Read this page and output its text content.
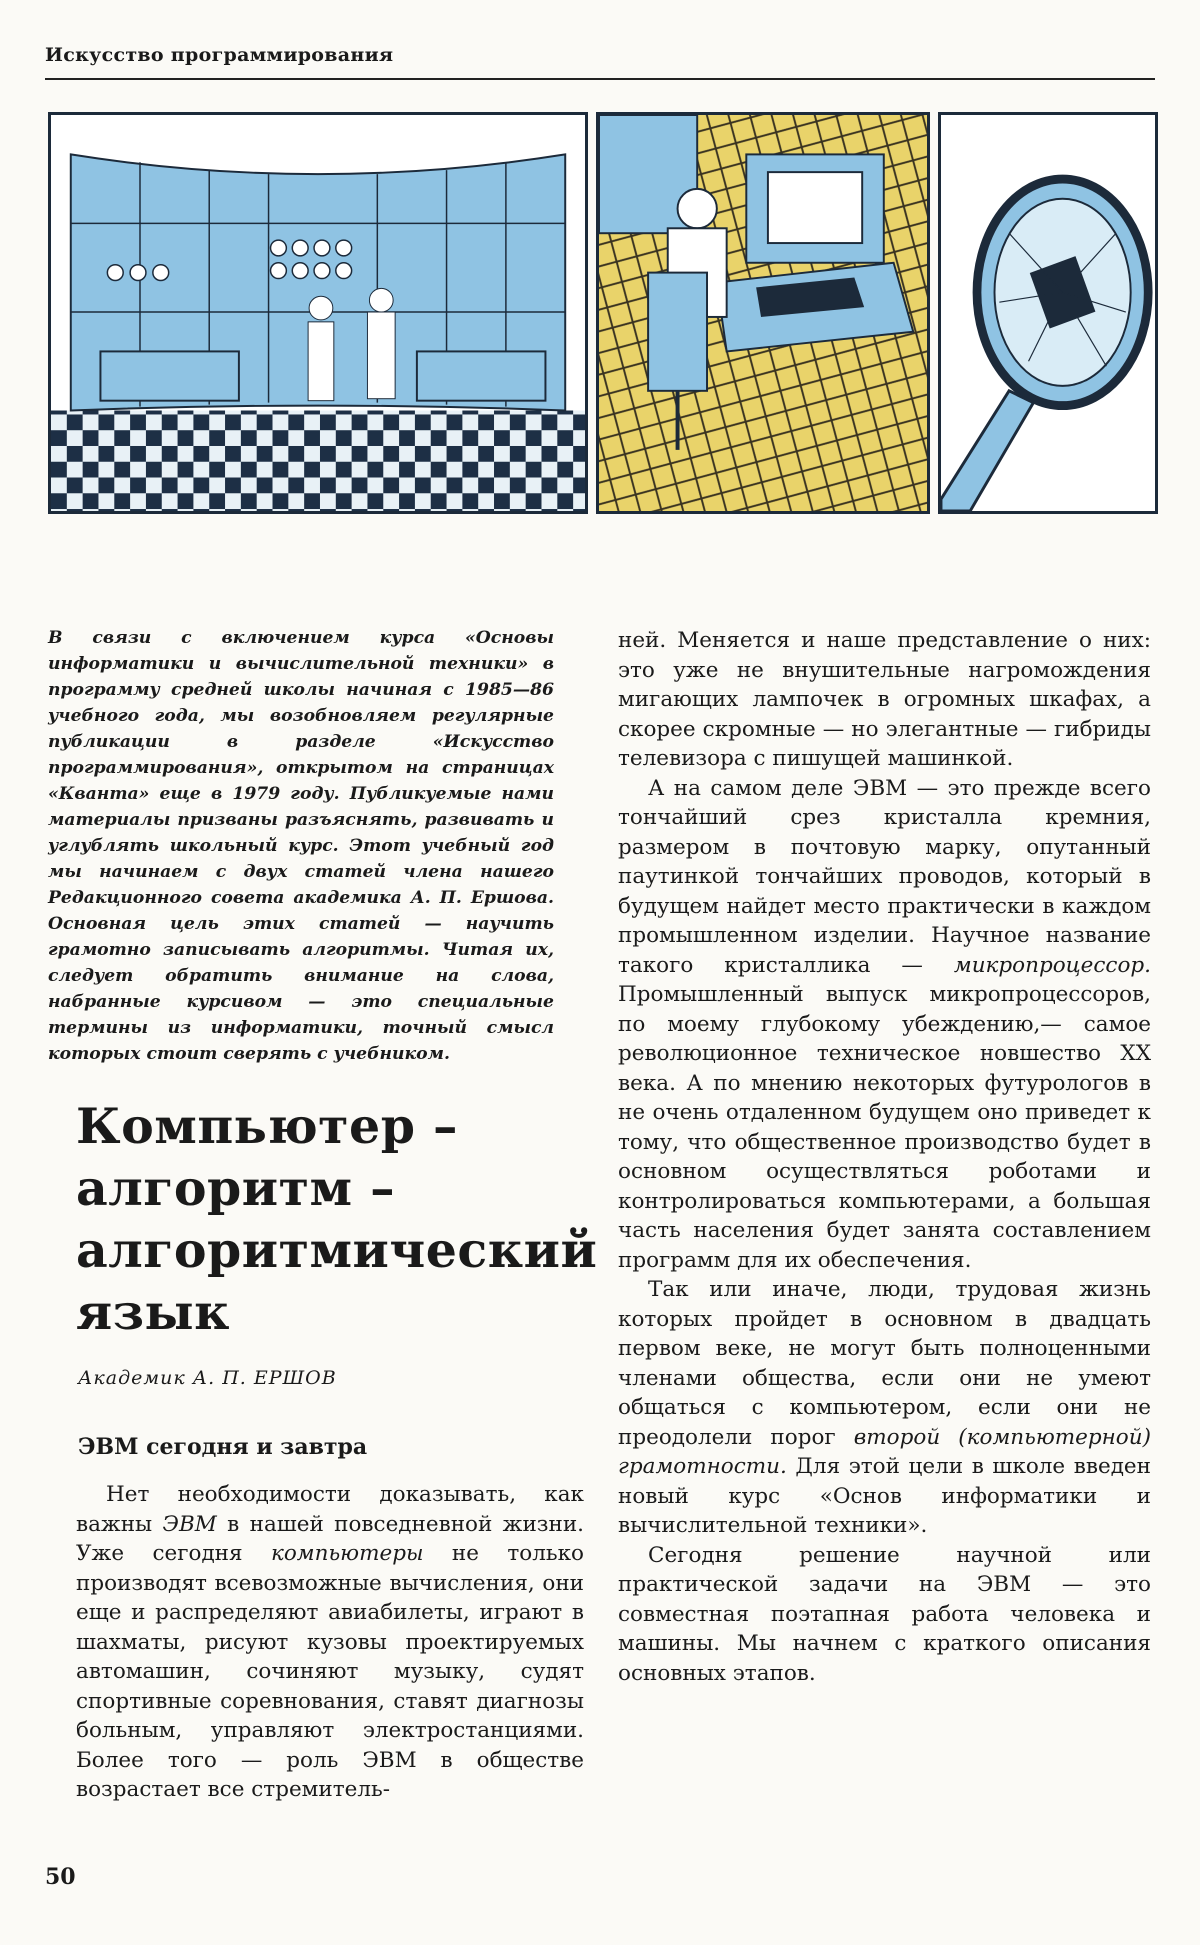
Искусство программирования

В связи с включением курса «Основы информатики и вычислительной техники» в программу средней школы начиная с 1985—86 учебного года, мы возобновляем регулярные публикации в разделе «Искусство программирования», открытом на страницах «Кванта» еще в 1979 году. Публикуемые нами материалы призваны разъяснять, развивать и углублять школьный курс. Этот учебный год мы начинаем с двух статей члена нашего Редакционного совета академика А. П. Ершова. Основная цель этих статей — научить грамотно записывать алгоритмы. Читая их, следует обратить внимание на слова, набранные курсивом — это специальные термины из информатики, точный смысл которых стоит сверять с учебником.

Компьютер –
алгоритм –
алгоритмический
язык
Академик А. П. ЕРШОВ
ЭВМ сегодня и завтра

Нет необходимости доказывать, как важны ЭВМ в нашей повседневной жизни. Уже сегодня компьютеры не только производят всевозможные вычисления, они еще и распределяют авиабилеты, играют в шахматы, рисуют кузовы проектируемых автомашин, сочиняют музыку, судят спортивные соревнования, ставят диагнозы больным, управляют электростанциями. Более того — роль ЭВМ в обществе возрастает все стремитель-

ней. Меняется и наше представление о них: это уже не внушительные нагромождения мигающих лампочек в огромных шкафах, а скорее скромные — но элегантные — гибриды телевизора с пишущей машинкой.

А на самом деле ЭВМ — это прежде всего тончайший срез кристалла кремния, размером в почтовую марку, опутанный паутинкой тончайших проводов, который в будущем найдет место практически в каждом промышленном изделии. Научное название такого кристаллика — микропроцессор. Промышленный выпуск микропроцессоров, по моему глубокому убеждению,— самое революционное техническое новшество XX века. А по мнению некоторых футурологов в не очень отдаленном будущем оно приведет к тому, что общественное производство будет в основном осуществляться роботами и контролироваться компьютерами, а большая часть населения будет занята составлением программ для их обеспечения.

Так или иначе, люди, трудовая жизнь которых пройдет в основном в двадцать первом веке, не могут быть полноценными членами общества, если они не умеют общаться с компьютером, если они не преодолели порог второй (компьютерной) грамотности. Для этой цели в школе введен новый курс «Основ информатики и вычислительной техники».

Сегодня решение научной или практической задачи на ЭВМ — это совместная поэтапная работа человека и машины. Мы начнем с краткого описания основных этапов.

50
